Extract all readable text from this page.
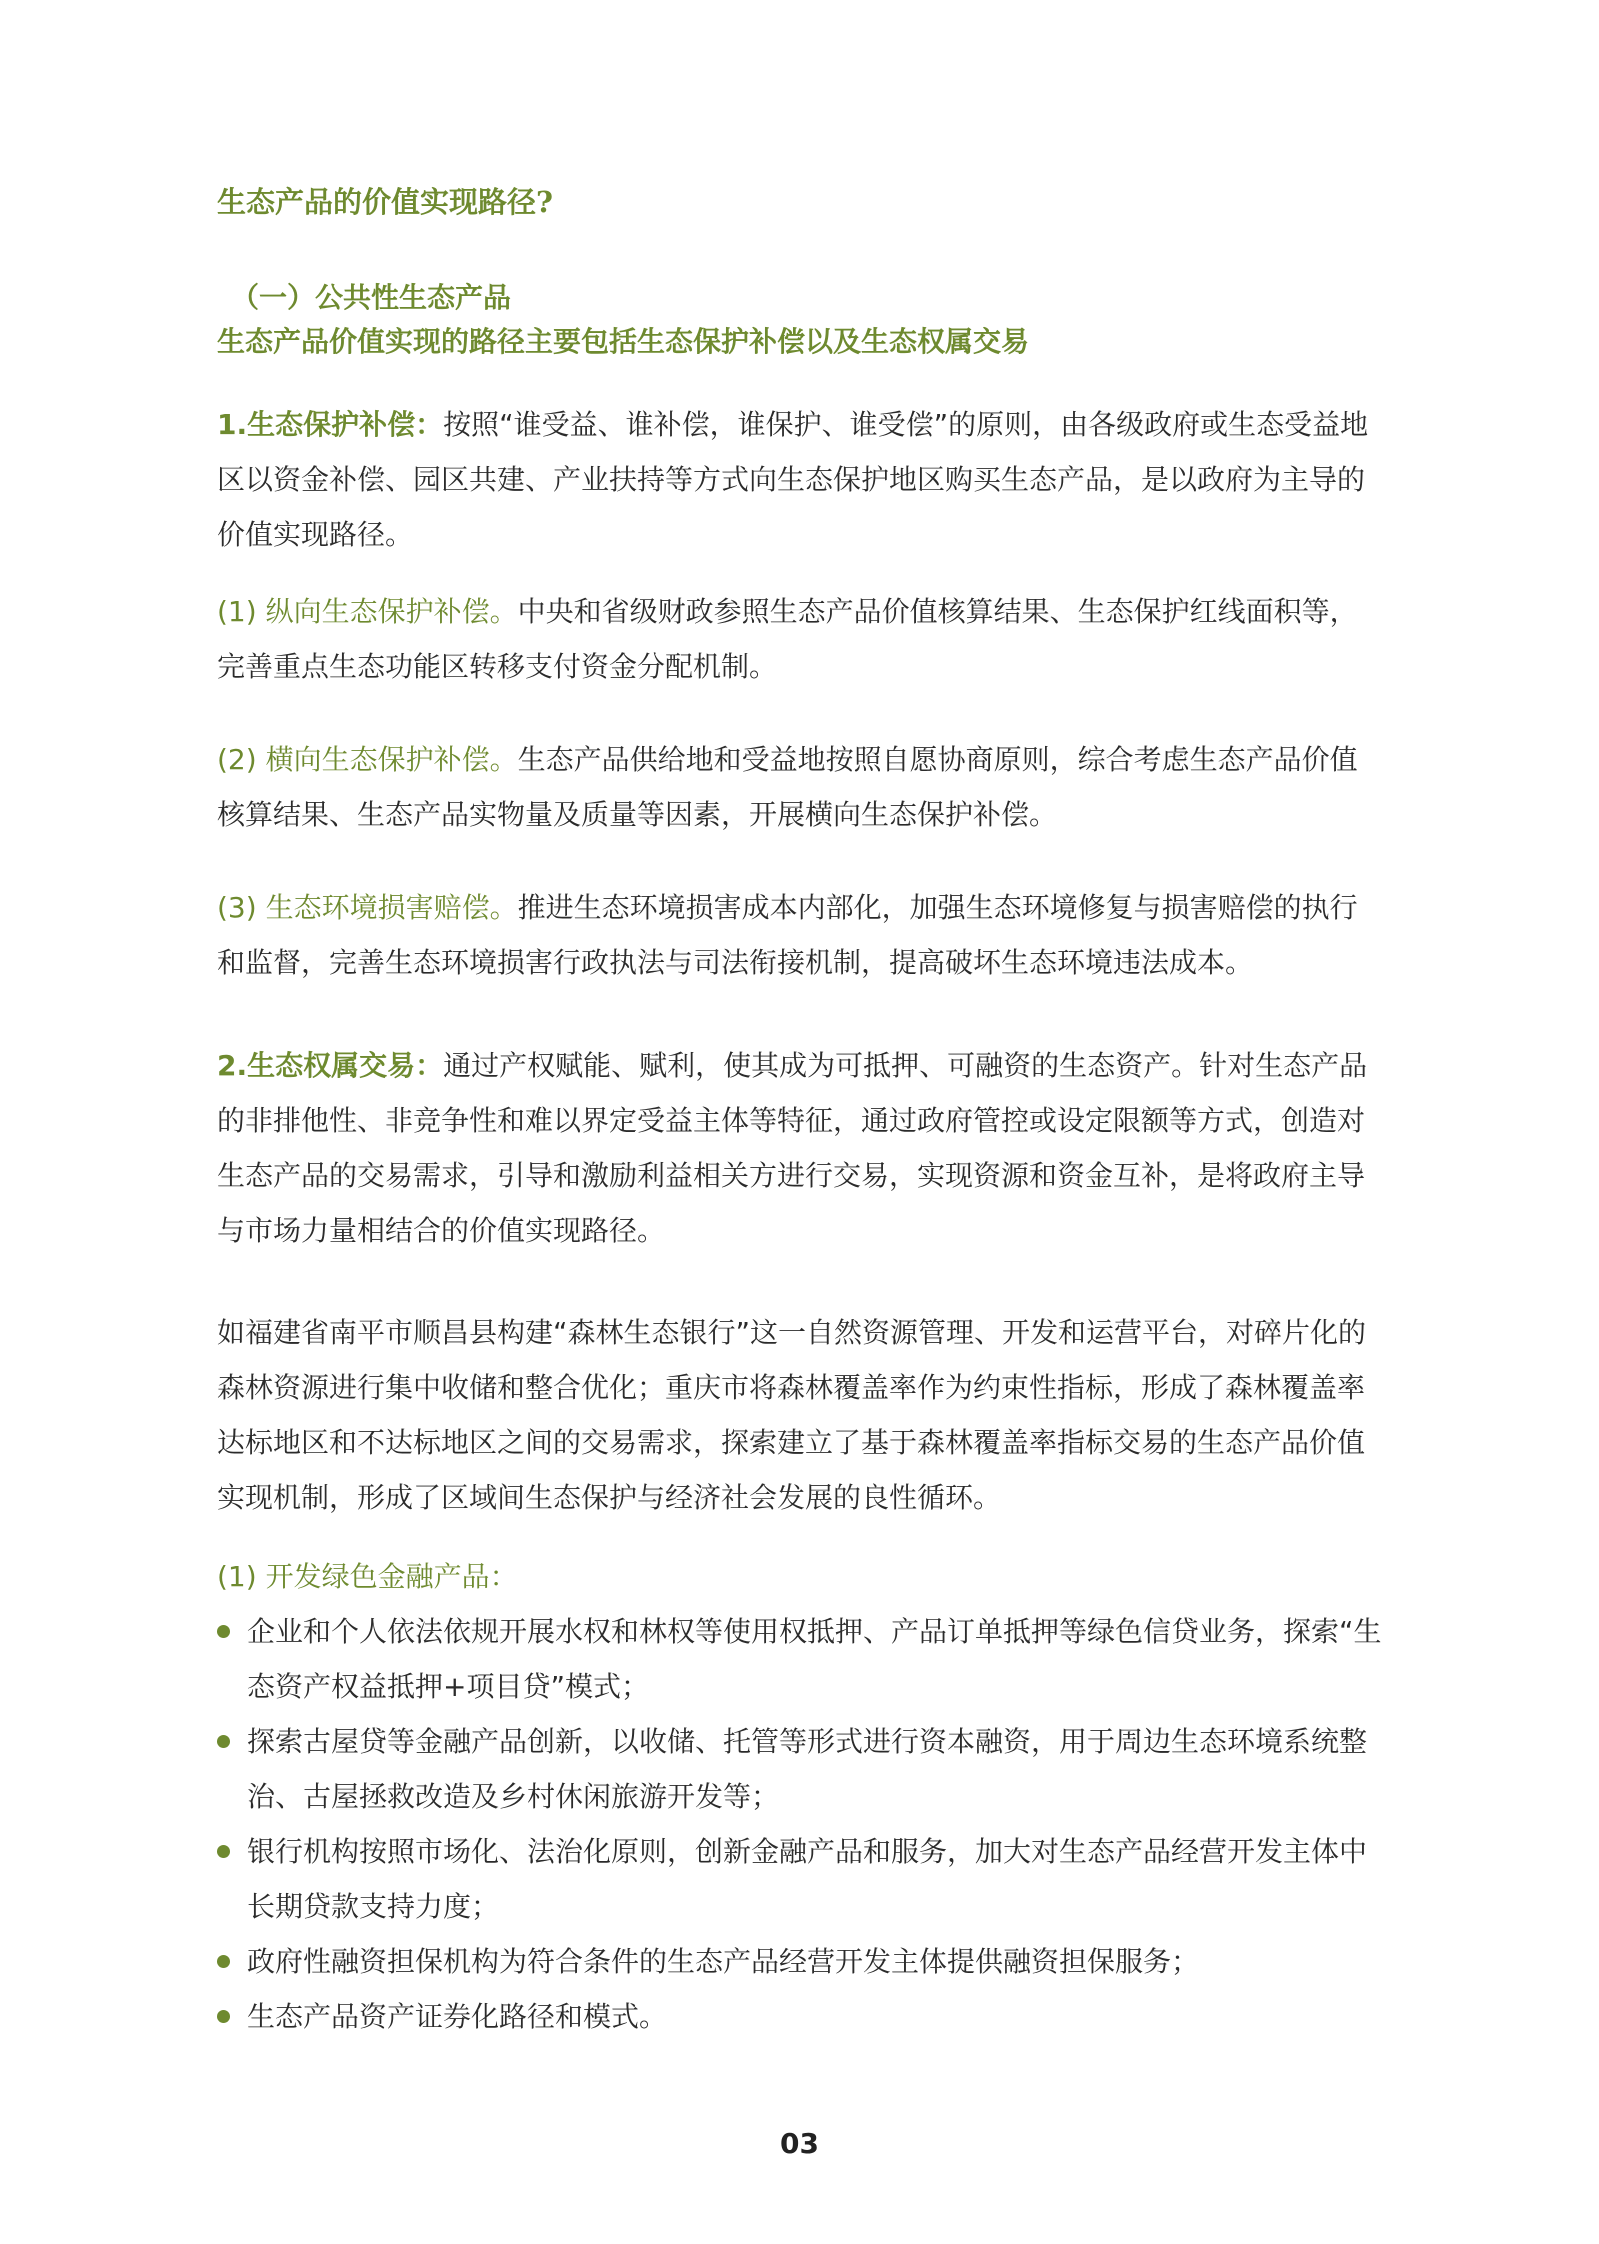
生态产品的价值实现路径?
（一）公共性生态产品
生态产品价值实现的路径主要包括生态保护补偿以及生态权属交易

1.生态保护补偿：按照“谁受益、谁补偿，谁保护、谁受偿”的原则，由各级政府或生态受益地区以资金补偿、园区共建、产业扶持等方式向生态保护地区购买生态产品，是以政府为主导的价值实现路径。

(1) 纵向生态保护补偿。中央和省级财政参照生态产品价值核算结果、生态保护红线面积等，完善重点生态功能区转移支付资金分配机制。

(2) 横向生态保护补偿。生态产品供给地和受益地按照自愿协商原则，综合考虑生态产品价值核算结果、生态产品实物量及质量等因素，开展横向生态保护补偿。

(3) 生态环境损害赔偿。推进生态环境损害成本内部化，加强生态环境修复与损害赔偿的执行和监督，完善生态环境损害行政执法与司法衔接机制，提高破坏生态环境违法成本。

2.生态权属交易：通过产权赋能、赋利，使其成为可抵押、可融资的生态资产。针对生态产品的非排他性、非竞争性和难以界定受益主体等特征，通过政府管控或设定限额等方式，创造对生态产品的交易需求，引导和激励利益相关方进行交易，实现资源和资金互补，是将政府主导与市场力量相结合的价值实现路径。

如福建省南平市顺昌县构建“森林生态银行”这一自然资源管理、开发和运营平台，对碎片化的森林资源进行集中收储和整合优化；重庆市将森林覆盖率作为约束性指标，形成了森林覆盖率达标地区和不达标地区之间的交易需求，探索建立了基于森林覆盖率指标交易的生态产品价值实现机制，形成了区域间生态保护与经济社会发展的良性循环。

(1) 开发绿色金融产品：
企业和个人依法依规开展水权和林权等使用权抵押、产品订单抵押等绿色信贷业务，探索“生态资产权益抵押+项目贷”模式；
探索古屋贷等金融产品创新，以收储、托管等形式进行资本融资，用于周边生态环境系统整治、古屋拯救改造及乡村休闲旅游开发等；
银行机构按照市场化、法治化原则，创新金融产品和服务，加大对生态产品经营开发主体中长期贷款支持力度；
政府性融资担保机构为符合条件的生态产品经营开发主体提供融资担保服务；
生态产品资产证券化路径和模式。
03
